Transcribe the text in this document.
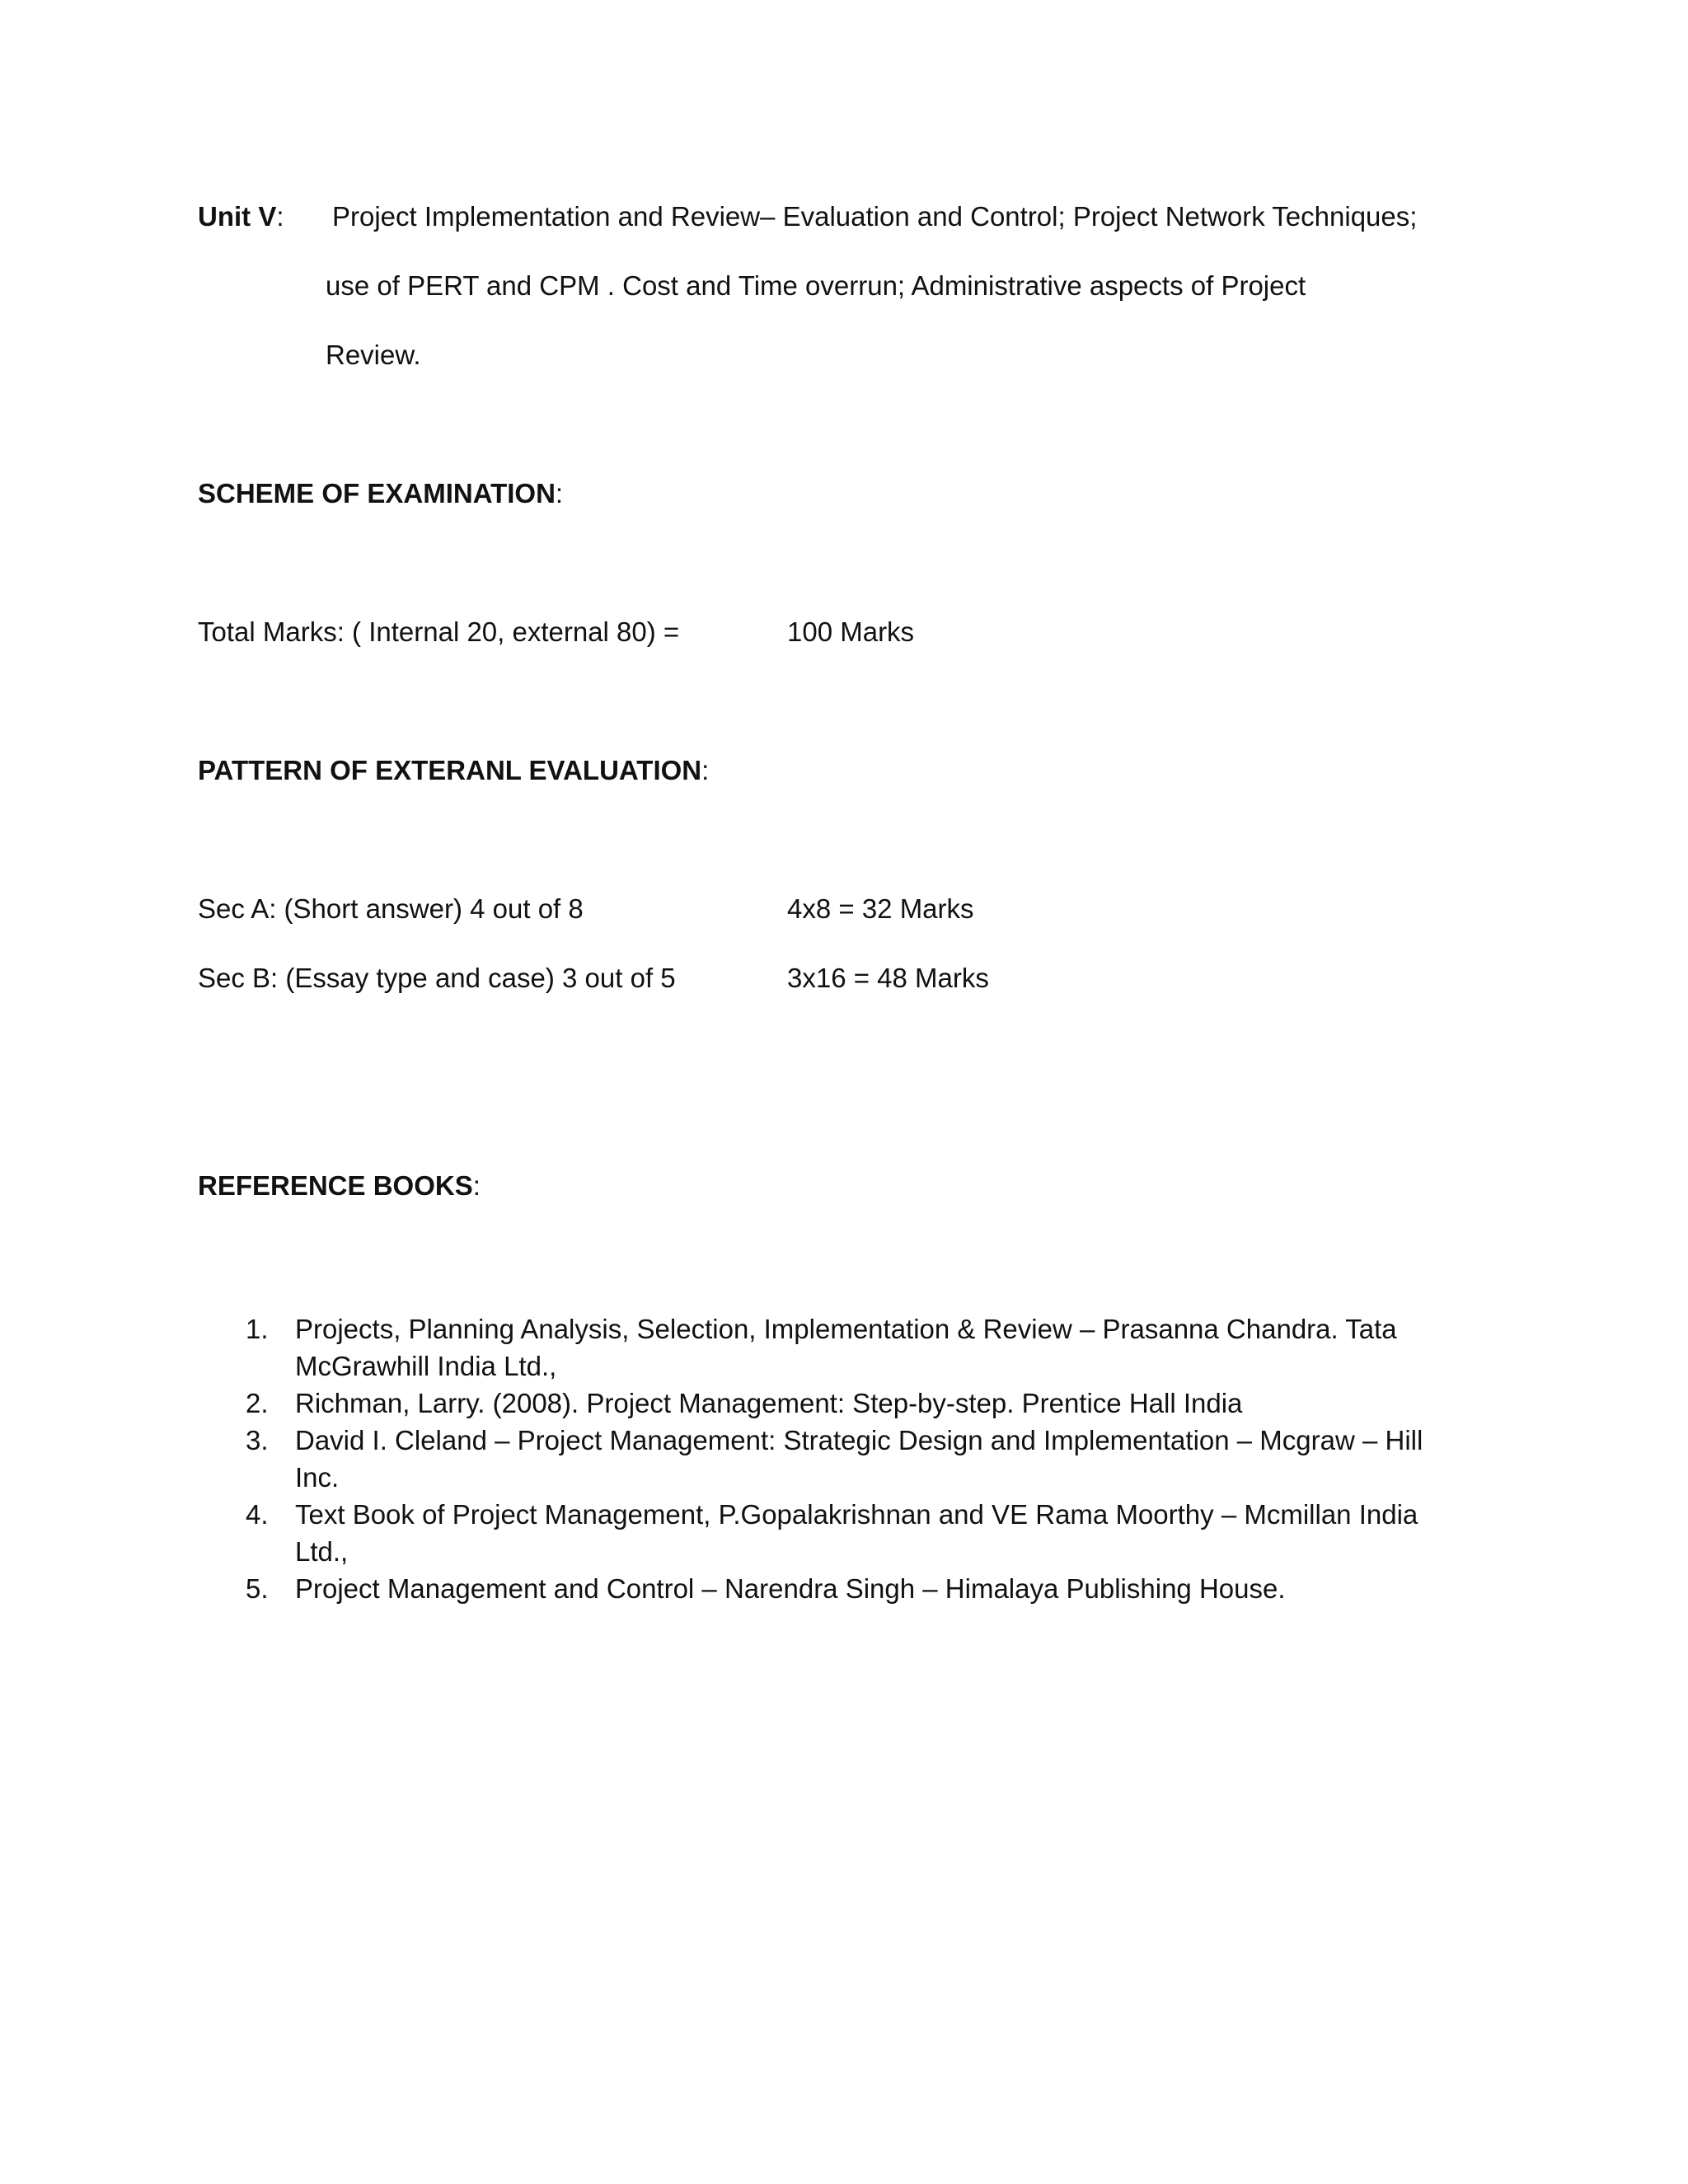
Unit V: Project Implementation and Review– Evaluation and Control; Project Network Techniques;
use of PERT and CPM . Cost and Time overrun; Administrative aspects of Project
Review.
SCHEME OF EXAMINATION:
Total Marks: ( Internal 20, external 80) =	100 Marks
PATTERN OF EXTERANL EVALUATION:
Sec A: (Short answer) 4 out of 8	4x8 = 32 Marks
Sec B: (Essay type and case) 3 out of 5	3x16 = 48 Marks
REFERENCE BOOKS:
1. Projects, Planning Analysis, Selection, Implementation & Review – Prasanna Chandra. Tata McGrawhill India Ltd.,
2. Richman, Larry. (2008). Project Management: Step-by-step. Prentice Hall India
3. David I. Cleland – Project Management: Strategic Design and Implementation – Mcgraw – Hill Inc.
4. Text Book of Project Management, P.Gopalakrishnan and VE Rama Moorthy – Mcmillan India Ltd.,
5. Project Management and Control – Narendra Singh – Himalaya Publishing House.
